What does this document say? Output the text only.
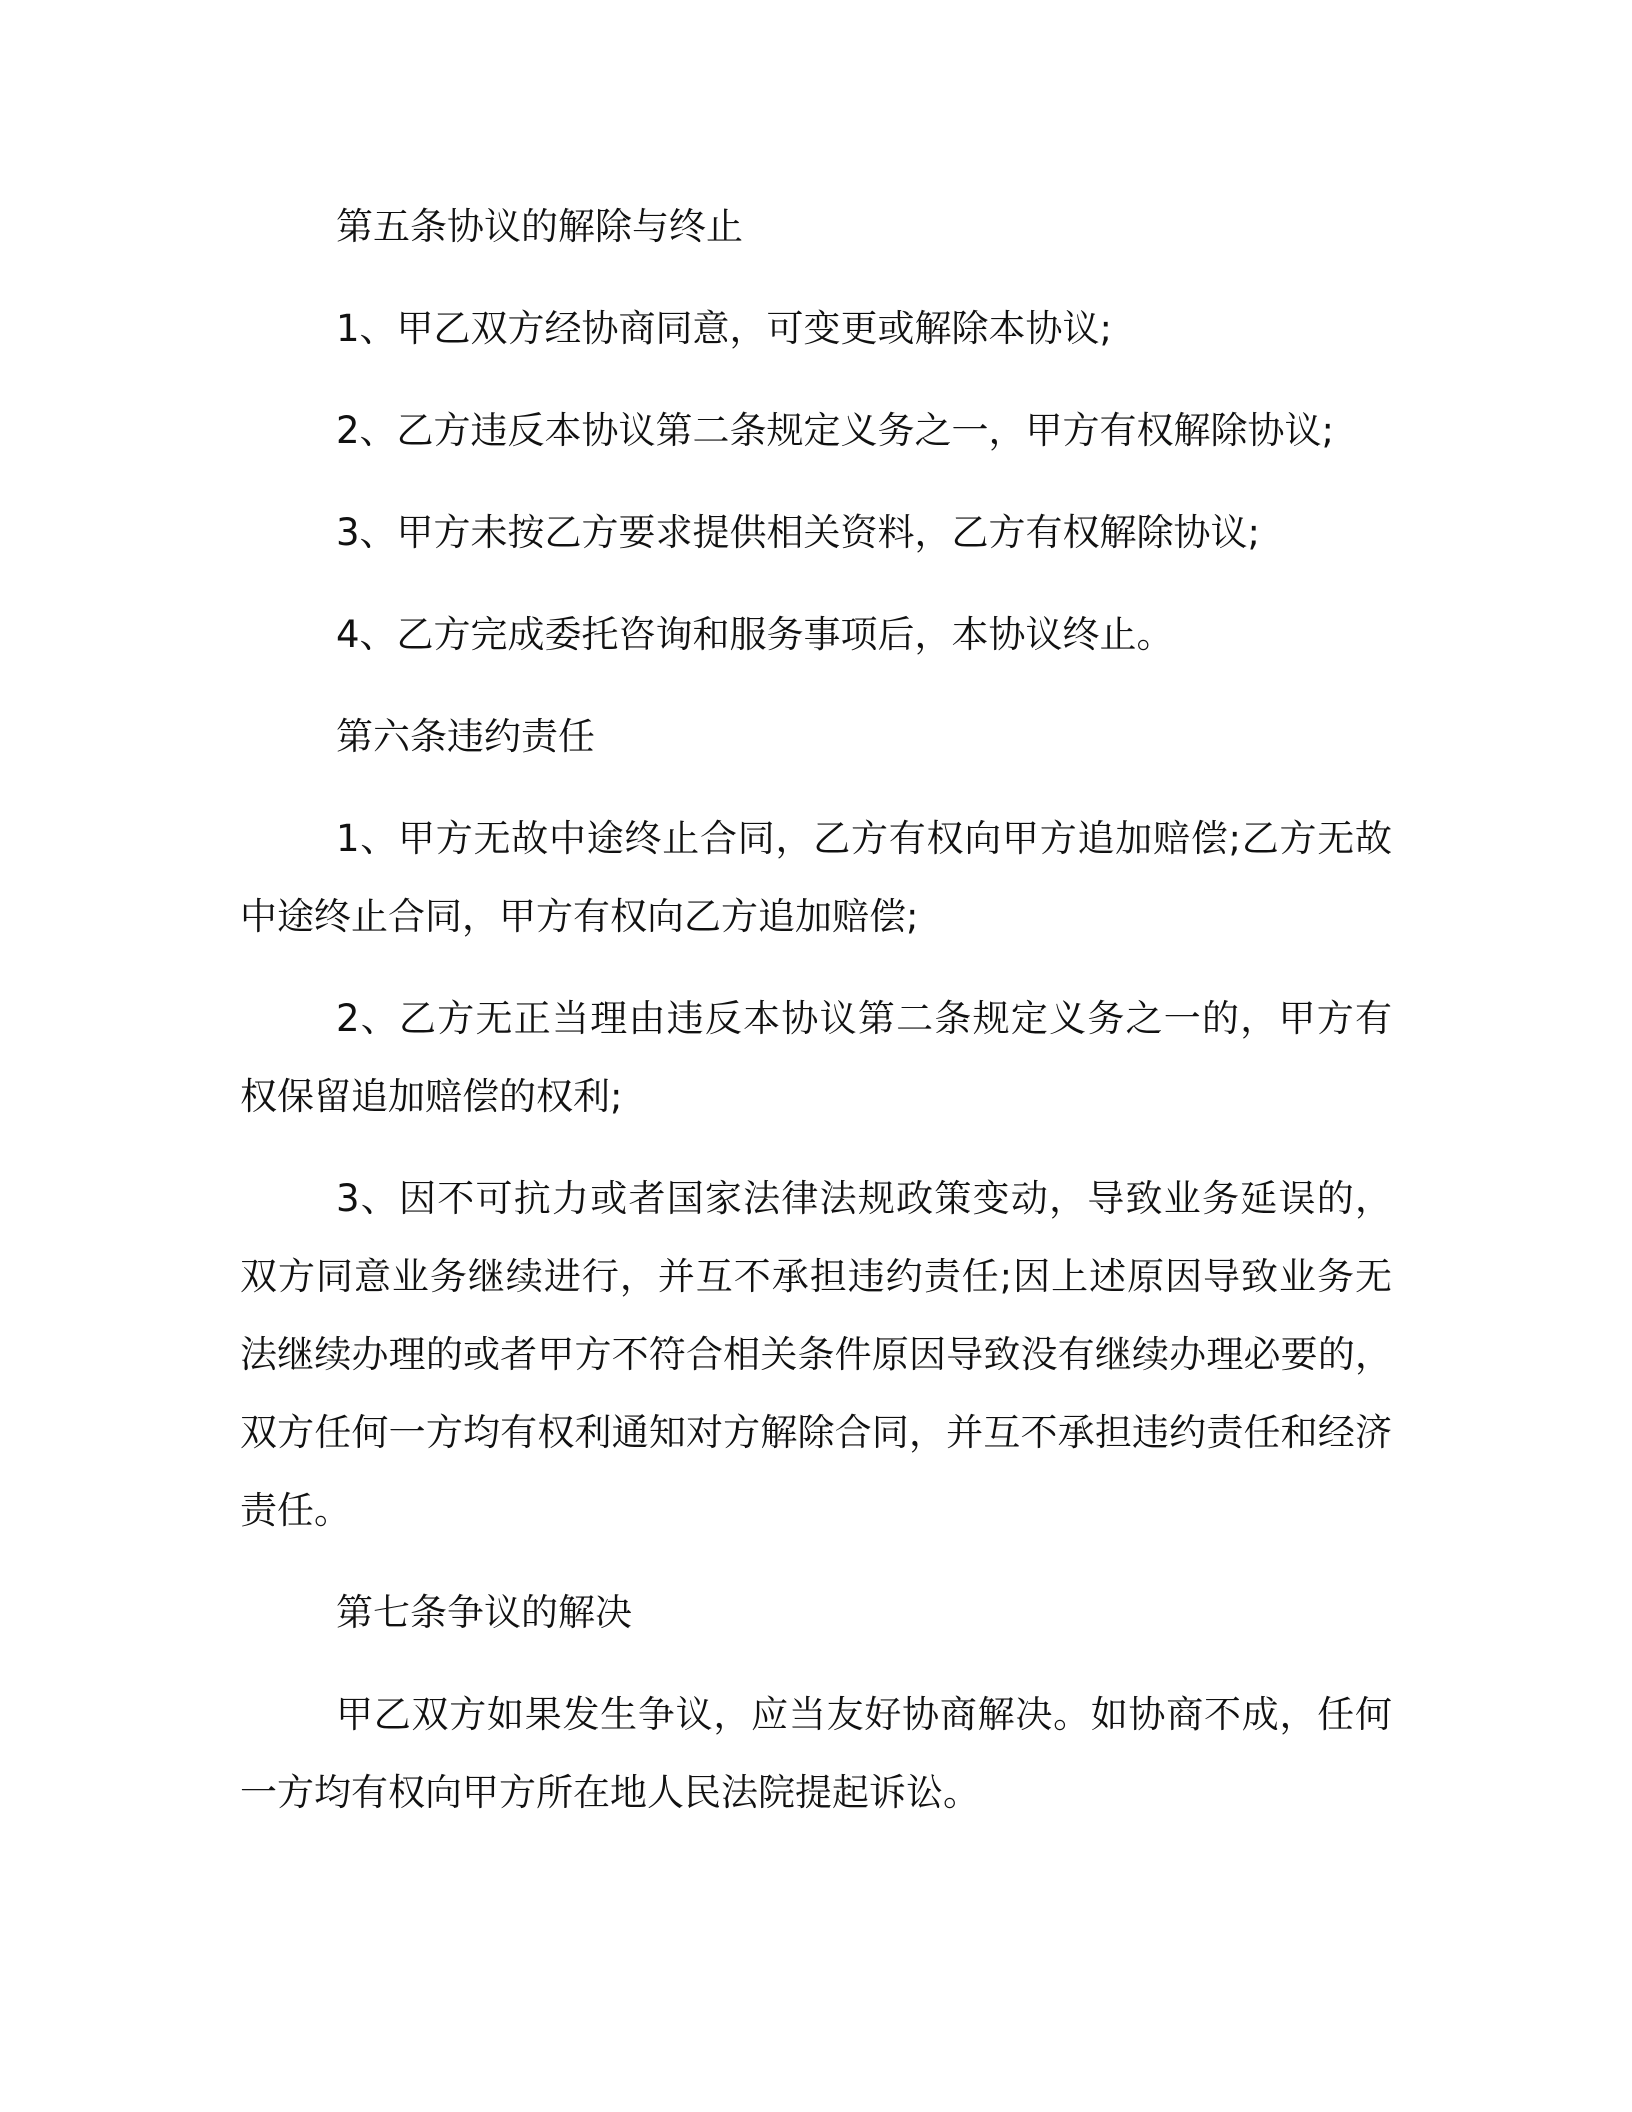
第五条协议的解除与终止

1、甲乙双方经协商同意，可变更或解除本协议;

2、乙方违反本协议第二条规定义务之一，甲方有权解除协议;

3、甲方未按乙方要求提供相关资料，乙方有权解除协议;

4、乙方完成委托咨询和服务事项后，本协议终止。

第六条违约责任

1、甲方无故中途终止合同，乙方有权向甲方追加赔偿;乙方无故中途终止合同，甲方有权向乙方追加赔偿;

2、乙方无正当理由违反本协议第二条规定义务之一的，甲方有权保留追加赔偿的权利;

3、因不可抗力或者国家法律法规政策变动，导致业务延误的，双方同意业务继续进行，并互不承担违约责任;因上述原因导致业务无法继续办理的或者甲方不符合相关条件原因导致没有继续办理必要的，双方任何一方均有权利通知对方解除合同，并互不承担违约责任和经济责任。

第七条争议的解决

甲乙双方如果发生争议，应当友好协商解决。如协商不成，任何一方均有权向甲方所在地人民法院提起诉讼。
